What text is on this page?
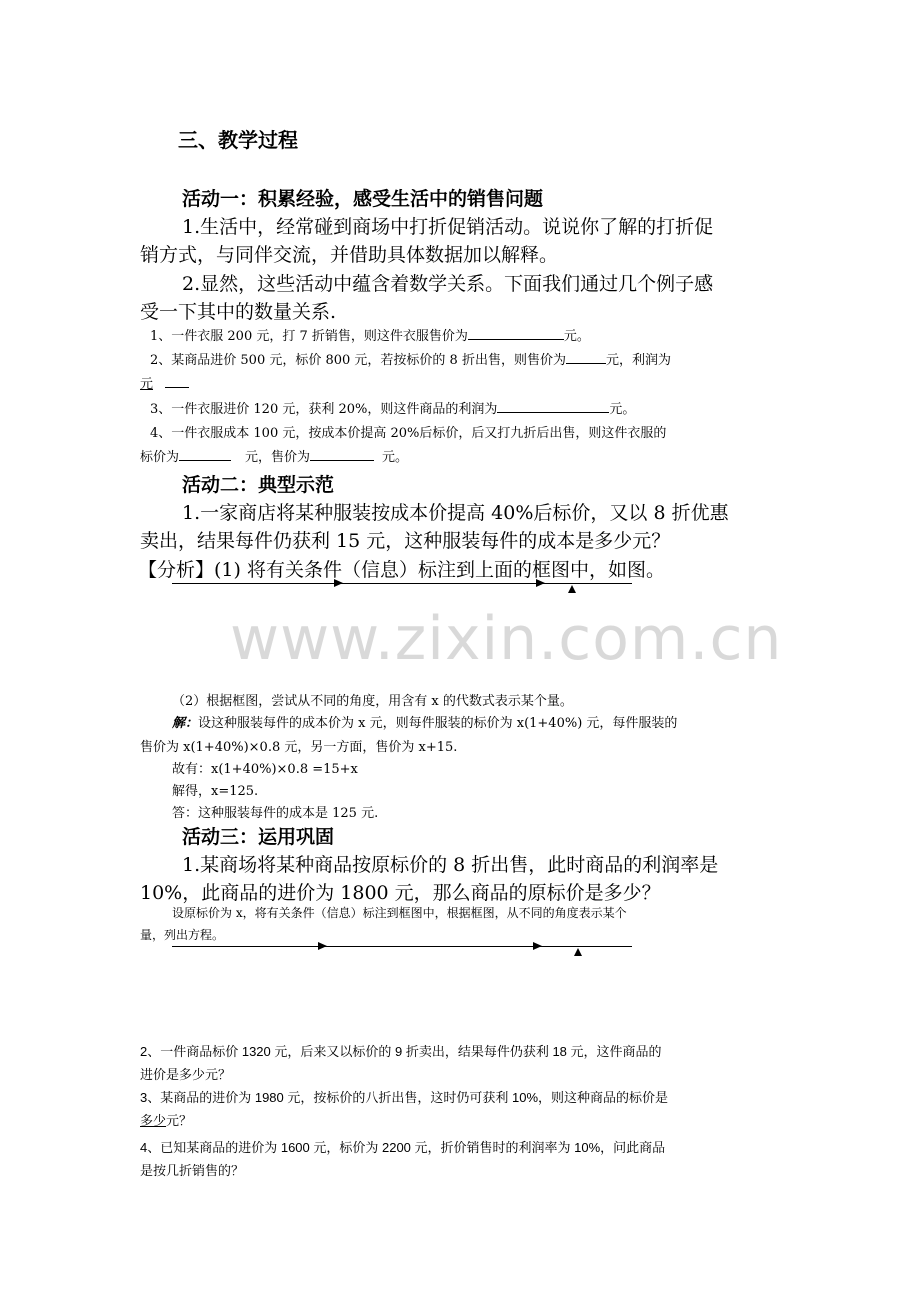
三、教学过程
活动一：积累经验，感受生活中的销售问题
1.生活中，经常碰到商场中打折促销活动。说说你了解的打折促
销方式，与同伴交流，并借助具体数据加以解释。
2.显然，这些活动中蕴含着数学关系。下面我们通过几个例子感
受一下其中的数量关系.
1、一件衣服 200 元，打 7 折销售，则这件衣服售价为	元。
2、某商品进价 500 元，标价 800 元，若按标价的 8 折出售，则售价为	元，利润为
元
3、一件衣服进价 120 元，获利 20%，则这件商品的利润为	元。
4、一件衣服成本 100 元，按成本价提高 20%后标价，后又打九折后出售，则这件衣服的
标价为	元，售价为	元。
活动二：典型示范
1.一家商店将某种服装按成本价提高 40%后标价，又以 8 折优惠
卖出，结果每件仍获利 15 元，这种服装每件的成本是多少元？
【分析】(1) 将有关条件（信息）标注到上面的框图中，如图。
www.zixin.com.cn
（2）根据框图，尝试从不同的角度，用含有 x 的代数式表示某个量。
解：设这种服装每件的成本价为 x 元，则每件服装的标价为 x(1+40%) 元，每件服装的
售价为 x(1+40%)×0.8 元，另一方面，售价为 x+15.
故有：x(1+40%)×0.8 =15+x
解得，x=125.
答：这种服装每件的成本是 125 元.
活动三：运用巩固
1.某商场将某种商品按原标价的 8 折出售，此时商品的利润率是
10%，此商品的进价为 1800 元，那么商品的原标价是多少？
设原标价为 x，将有关条件（信息）标注到框图中，根据框图，从不同的角度表示某个
量，列出方程。
2、一件商品标价 1320 元，后来又以标价的 9 折卖出，结果每件仍获利 18 元，这件商品的
进价是多少元？
3、某商品的进价为 1980 元，按标价的八折出售，这时仍可获利 10%，则这种商品的标价是
多少元？
4、已知某商品的进价为 1600 元，标价为 2200 元，折价销售时的利润率为 10%，问此商品
是按几折销售的？
